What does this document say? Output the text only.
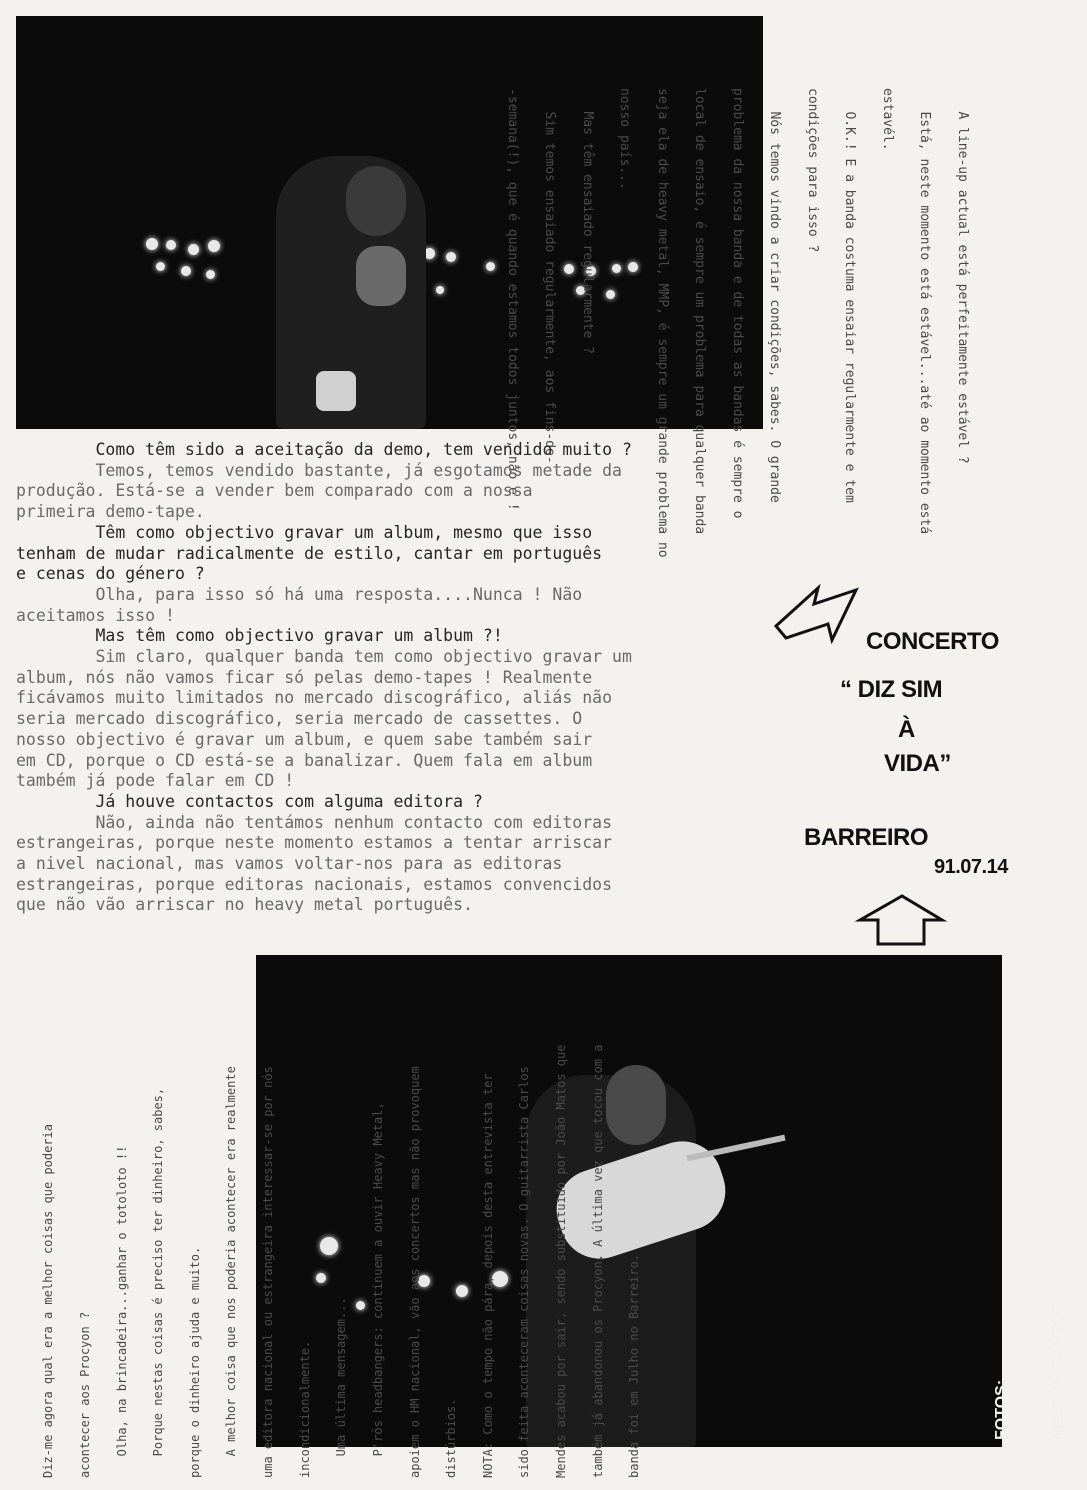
A line-up actual está perfeitamente estável ?

Está, neste momento está estável...até ao momento está

estavél.

O.K.! E a banda costuma ensaiar regularmente e tem

condições para isso ?

Nós temos vindo a criar condições, sabes. O grande

problema da nossa banda e de todas as bandas é sempre o

local de ensaio, é sempre um problema para qualquer banda

seja ela de heavy metal, MMP, é sempre um grande problema no

nosso país...

Mas têm ensaiado regularmente ?

Sim temos ensaiado regularmente, aos fins-de-

-semana(!), que é quando estamos todos juntos, não é !

Como têm sido a aceitação da demo, tem vendido muito ?

Temos, temos vendido bastante, já esgotamos metade da

produção. Está-se a vender bem comparado com a nossa

primeira demo-tape.

Têm como objectivo gravar um album, mesmo que isso

tenham de mudar radicalmente de estilo, cantar em português

e cenas do género ?

Olha, para isso só há uma resposta....Nunca ! Não

aceitamos isso !

Mas têm como objectivo gravar um album ?!

Sim claro, qualquer banda tem como objectivo gravar um

album, nós não vamos ficar só pelas demo-tapes ! Realmente

ficávamos muito limitados no mercado discográfico, aliás não

seria mercado discográfico, seria mercado de cassettes. O

nosso objectivo é gravar um album, e quem sabe também sair

em CD, porque o CD está-se a banalizar. Quem fala em album

também já pode falar em CD !

Já houve contactos com alguma editora ?

Não, ainda não tentámos nenhum contacto com editoras

estrangeiras, porque neste momento estamos a tentar arriscar

a nivel nacional, mas vamos voltar-nos para as editoras

estrangeiras, porque editoras nacionais, estamos convencidos

que não vão arriscar no heavy metal português.

CONCERTO
“ DIZ SIM
À
VIDA”
BARREIRO
91.07.14

Diz-me agora qual era a melhor coisas que poderia

acontecer aos Procyon ?

Olha, na brincadeira...ganhar o totoloto !!

Porque nestas coisas é preciso ter dinheiro, sabes,

porque o dinheiro ajuda e muito.

A melhor coisa que nos poderia acontecer era realmente

uma editora nacional ou estrangeira interessar-se por nós

incondicionalmente.

Uma última mensagem...

P'rós headbangers: continuem a ouvir Heavy Metal,

apoiem o HM nacional, vão aos concertos mas não provoquem

distúrbios.

NOTA: Como o tempo não pára, depois desta entrevista ter

sido feita aconteceram coisas novas. O guitarrista Carlos

Mendes acabou por sair, sendo substituido por João Matos que

também já abandonou os Procyon. A última vez que tocou com a

banda foi em Julho no Barreiro.

	FOTOS:

	NELSON SANTOS
